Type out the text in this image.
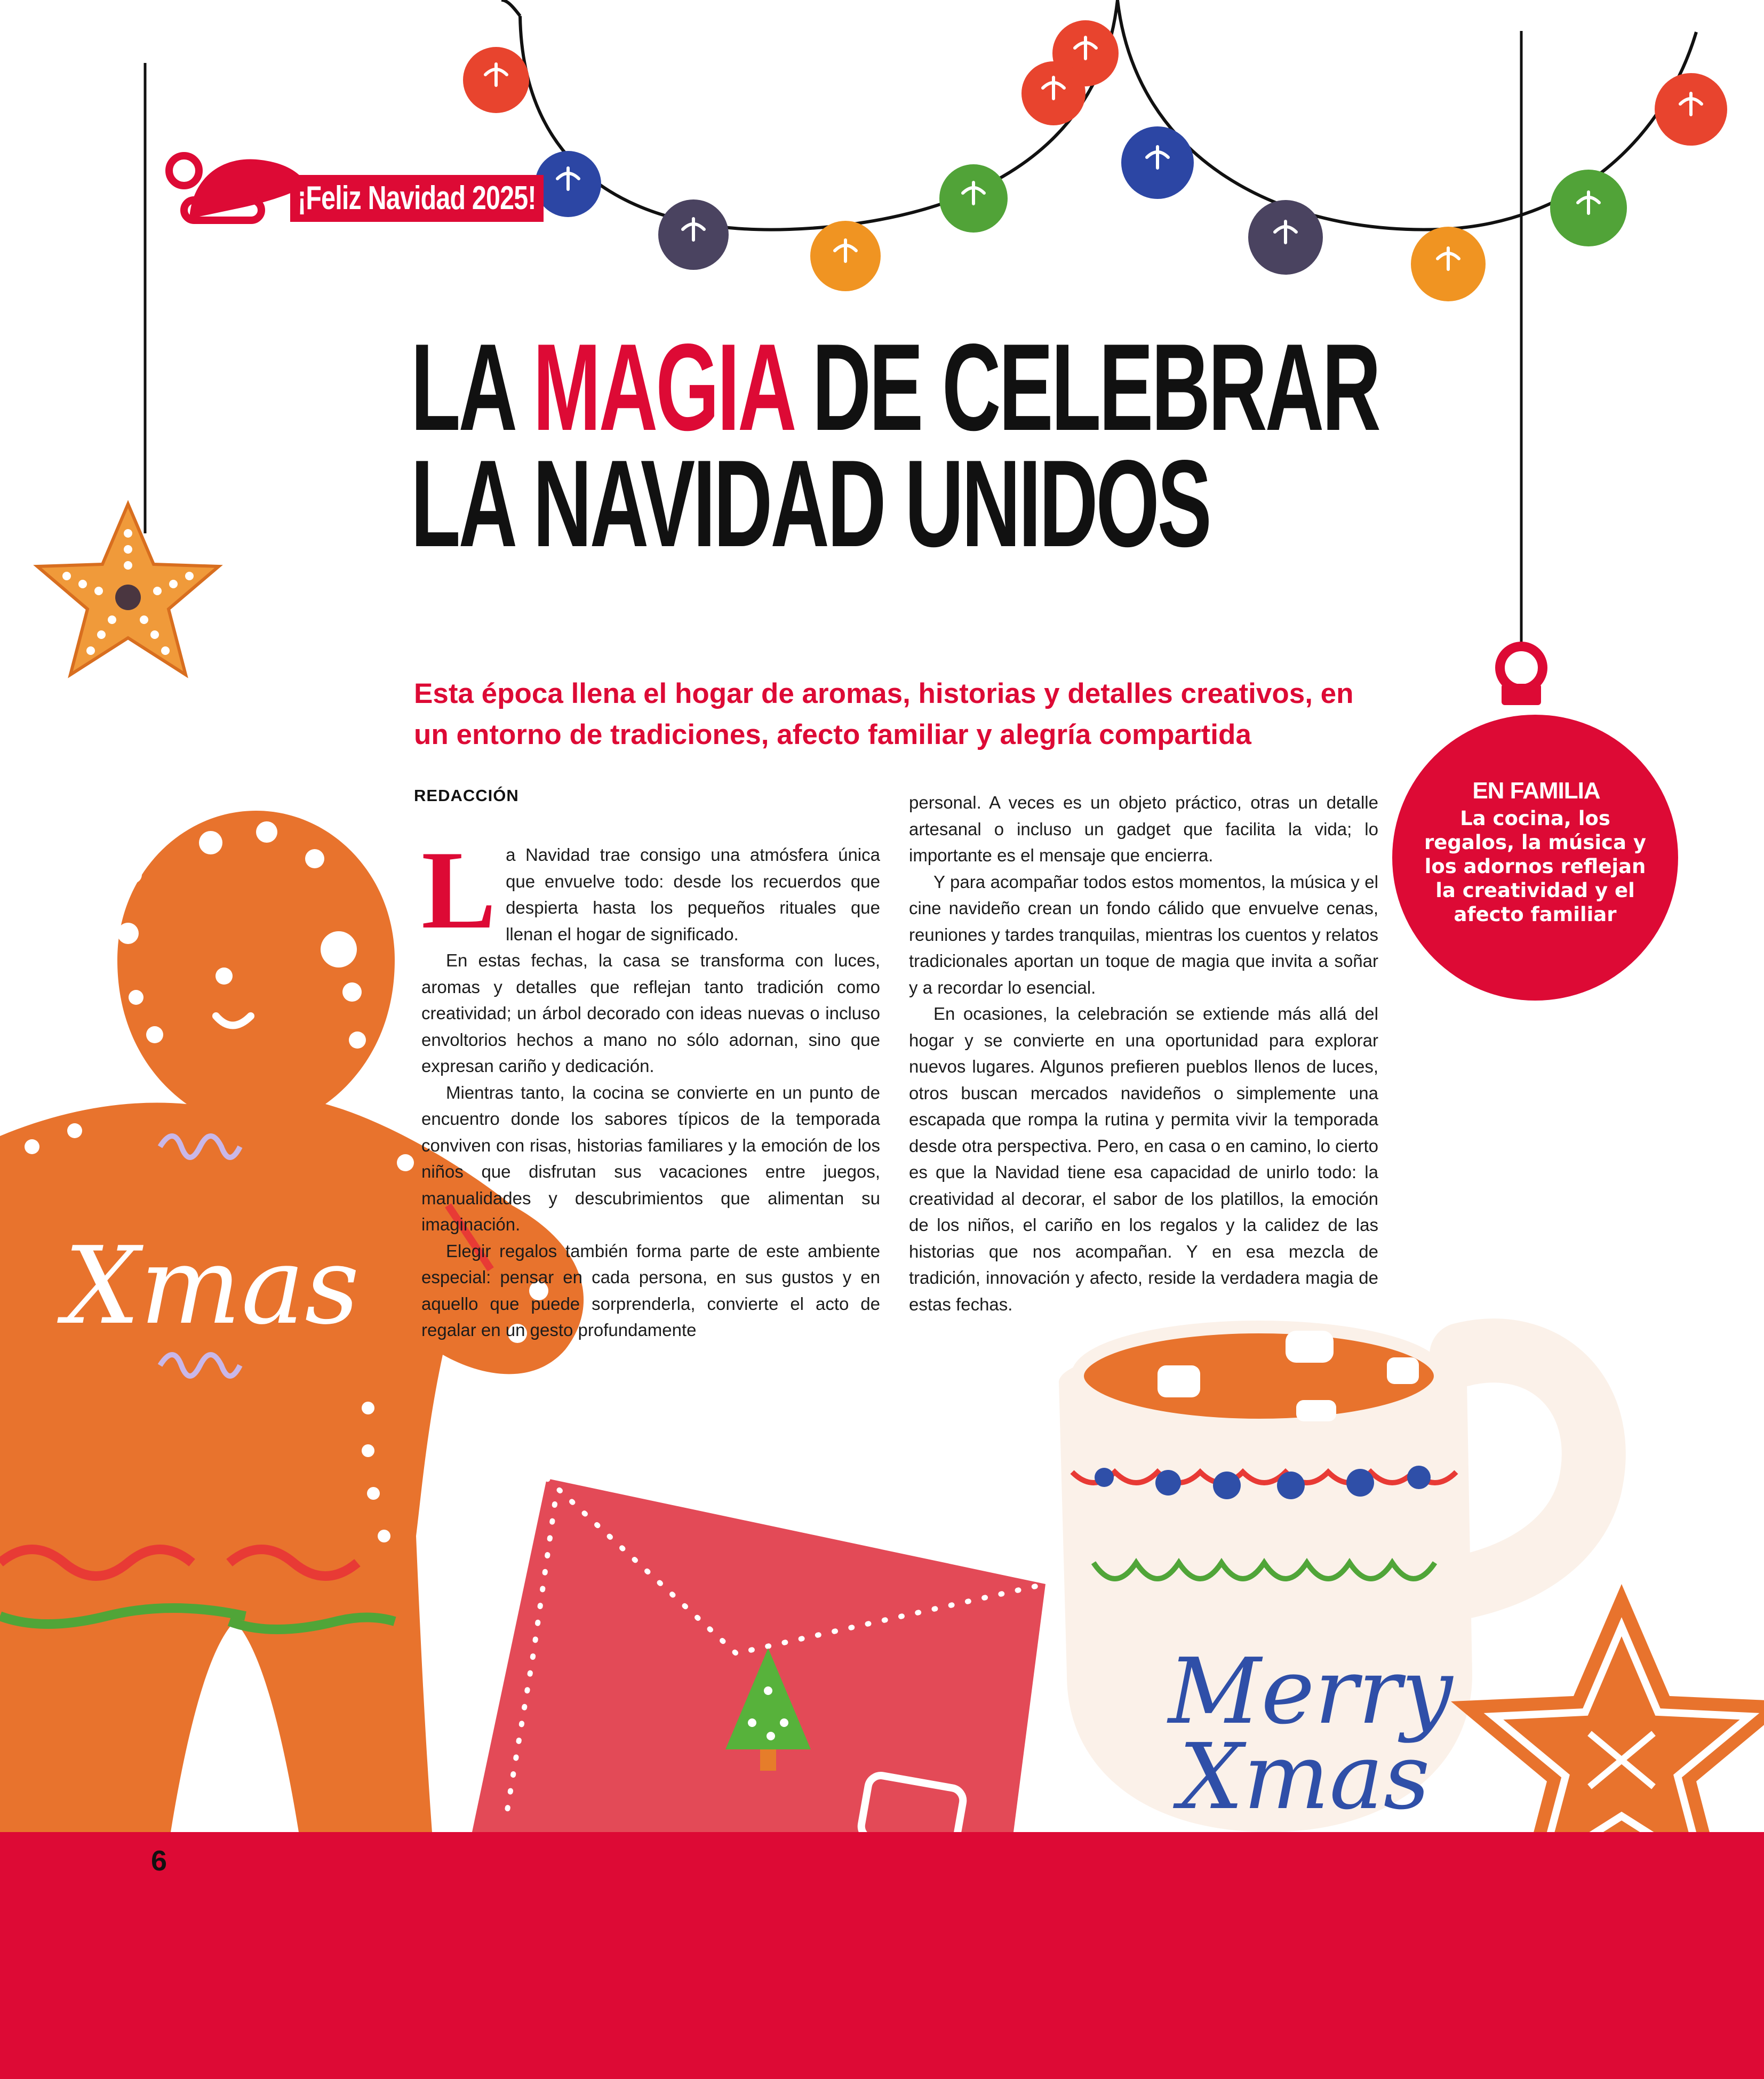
¡Feliz Navidad 2025!
LA MAGIA DE CELEBRAR
LA NAVIDAD UNIDOS

Esta época llena el hogar de aromas, historias y detalles creativos, en un entorno de tradiciones, afecto familiar y alegría compartida

REDACCIÓN
L a Navidad trae consigo una atmósfera única que envuelve todo: desde los recuerdos que despierta hasta los pequeños rituales que llenan el hogar de significado.

En estas fechas, la casa se transforma con luces, aromas y detalles que reflejan tanto tradición como creatividad; un árbol decorado con ideas nuevas o incluso envoltorios hechos a mano no sólo adornan, sino que expresan cariño y dedicación.

Mientras tanto, la cocina se convierte en un punto de encuentro donde los sabores típicos de la temporada conviven con risas, historias familiares y la emoción de los niños que disfrutan sus vacaciones entre juegos, manualidades y descubrimientos que alimentan su imaginación.

Elegir regalos también forma parte de este ambiente especial: pensar en cada persona, en sus gustos y en aquello que puede sorprenderla, convierte el acto de regalar en un gesto profundamente

personal. A veces es un objeto práctico, otras un detalle artesanal o incluso un gadget que facilita la vida; lo importante es el mensaje que encierra.

Y para acompañar todos estos momentos, la música y el cine navideño crean un fondo cálido que envuelve cenas, reuniones y tardes tranquilas, mientras los cuentos y relatos tradicionales aportan un toque de magia que invita a soñar y a recordar lo esencial.

En ocasiones, la celebración se extiende más allá del hogar y se convierte en una oportunidad para explorar nuevos lugares. Algunos prefieren pueblos llenos de luces, otros buscan mercados navideños o simplemente una escapada que rompa la rutina y permita vivir la temporada desde otra perspectiva. Pero, en casa o en camino, lo cierto es que la Navidad tiene esa capacidad de unirlo todo: la creatividad al decorar, el sabor de los platillos, la emoción de los niños, el cariño en los regalos y la calidez de las historias que nos acompañan. Y en esa mezcla de tradición, innovación y afecto, reside la verdadera magia de estas fechas.

EN FAMILIA
La cocina, los regalos, la música y los adornos reflejan la creatividad y el afecto familiar
Xmas
Merry
Xmas
6
